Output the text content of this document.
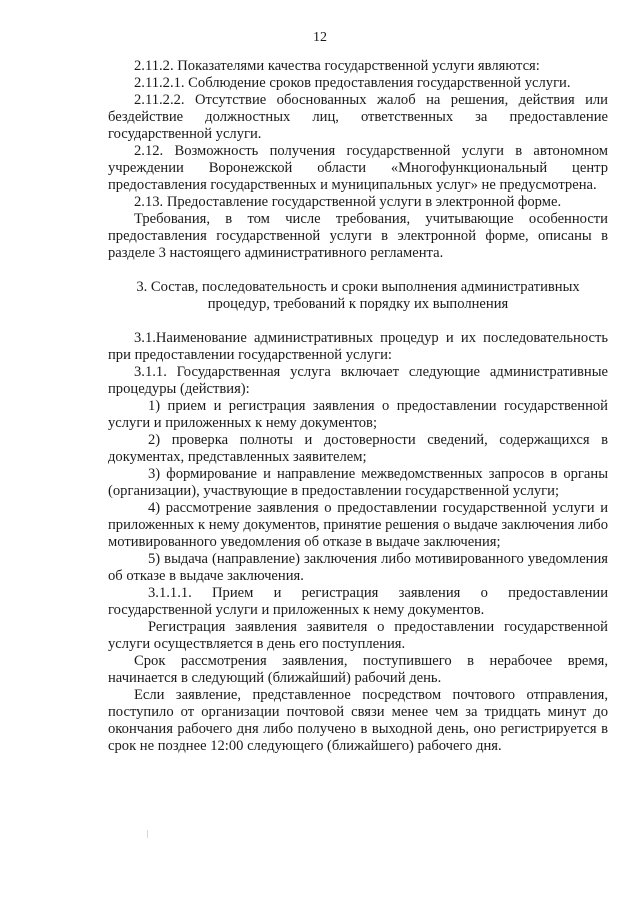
12

2.11.2. Показателями качества государственной услуги являются:

2.11.2.1. Соблюдение сроков предоставления государственной услуги.

2.11.2.2. Отсутствие обоснованных жалоб на решения, действия или бездействие должностных лиц, ответственных за предоставление государственной услуги.

2.12. Возможность получения государственной услуги в автономном учреждении Воронежской области «Многофункциональный центр предоставления государственных и муниципальных услуг» не предусмотрена.

2.13. Предоставление государственной услуги в электронной форме.

Требования, в том числе требования, учитывающие особенности предоставления государственной услуги в электронной форме, описаны в разделе 3 настоящего административного регламента.

3. Состав, последовательность и сроки выполнения административных
процедур, требований к порядку их выполнения

3.1.Наименование административных процедур и их последовательность при предоставлении государственной услуги:

3.1.1. Государственная услуга включает следующие административные процедуры (действия):

1) прием и регистрация заявления о предоставлении государственной услуги и приложенных к нему документов;

2) проверка полноты и достоверности сведений, содержащихся в документах, представленных заявителем;

3) формирование и направление межведомственных запросов в органы (организации), участвующие в предоставлении государственной услуги;

4) рассмотрение заявления о предоставлении государственной услуги и приложенных к нему документов, принятие решения о выдаче заключения либо мотивированного уведомления об отказе в выдаче заключения;

5) выдача (направление) заключения либо мотивированного уведомления об отказе в выдаче заключения.

3.1.1.1. Прием и регистрация заявления о предоставлении государственной услуги и приложенных к нему документов.

Регистрация заявления заявителя о предоставлении государственной услуги осуществляется в день его поступления.

Срок рассмотрения заявления, поступившего в нерабочее время, начинается в следующий (ближайший) рабочий день.

Если заявление, представленное посредством почтового отправления, поступило от организации почтовой связи менее чем за тридцать минут до окончания рабочего дня либо получено в выходной день, оно регистрируется в срок не позднее 12:00 следующего (ближайшего) рабочего дня.
